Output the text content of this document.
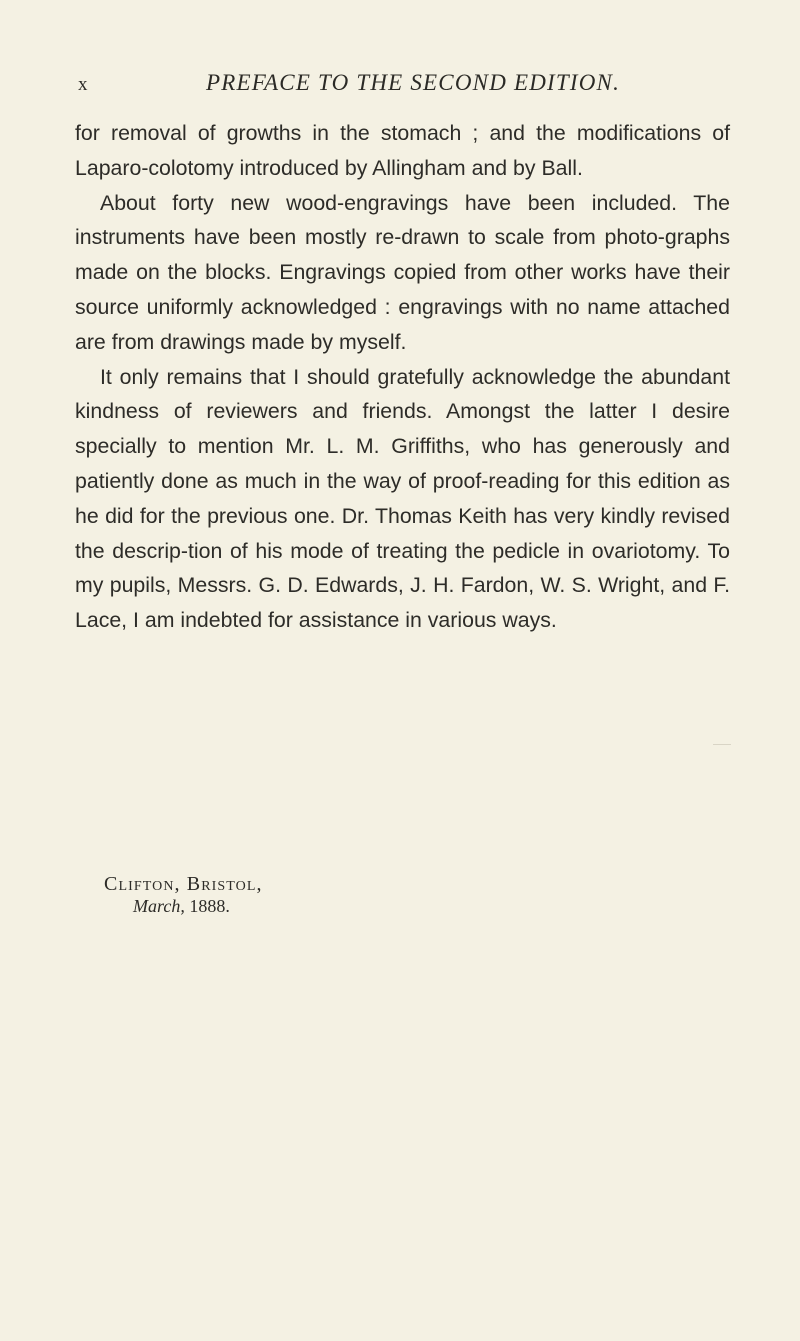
x	PREFACE TO THE SECOND EDITION.

for removal of growths in the stomach ; and the modifications of Laparo-colotomy introduced by Allingham and by Ball.

About forty new wood-engravings have been included. The instruments have been mostly re-drawn to scale from photo-graphs made on the blocks. Engravings copied from other works have their source uniformly acknowledged : engravings with no name attached are from drawings made by myself.

It only remains that I should gratefully acknowledge the abundant kindness of reviewers and friends. Amongst the latter I desire specially to mention Mr. L. M. Griffiths, who has generously and patiently done as much in the way of proof-reading for this edition as he did for the previous one. Dr. Thomas Keith has very kindly revised the descrip-tion of his mode of treating the pedicle in ovariotomy. To my pupils, Messrs. G. D. Edwards, J. H. Fardon, W. S. Wright, and F. Lace, I am indebted for assistance in various ways.

Clifton, Bristol,
March, 1888.
